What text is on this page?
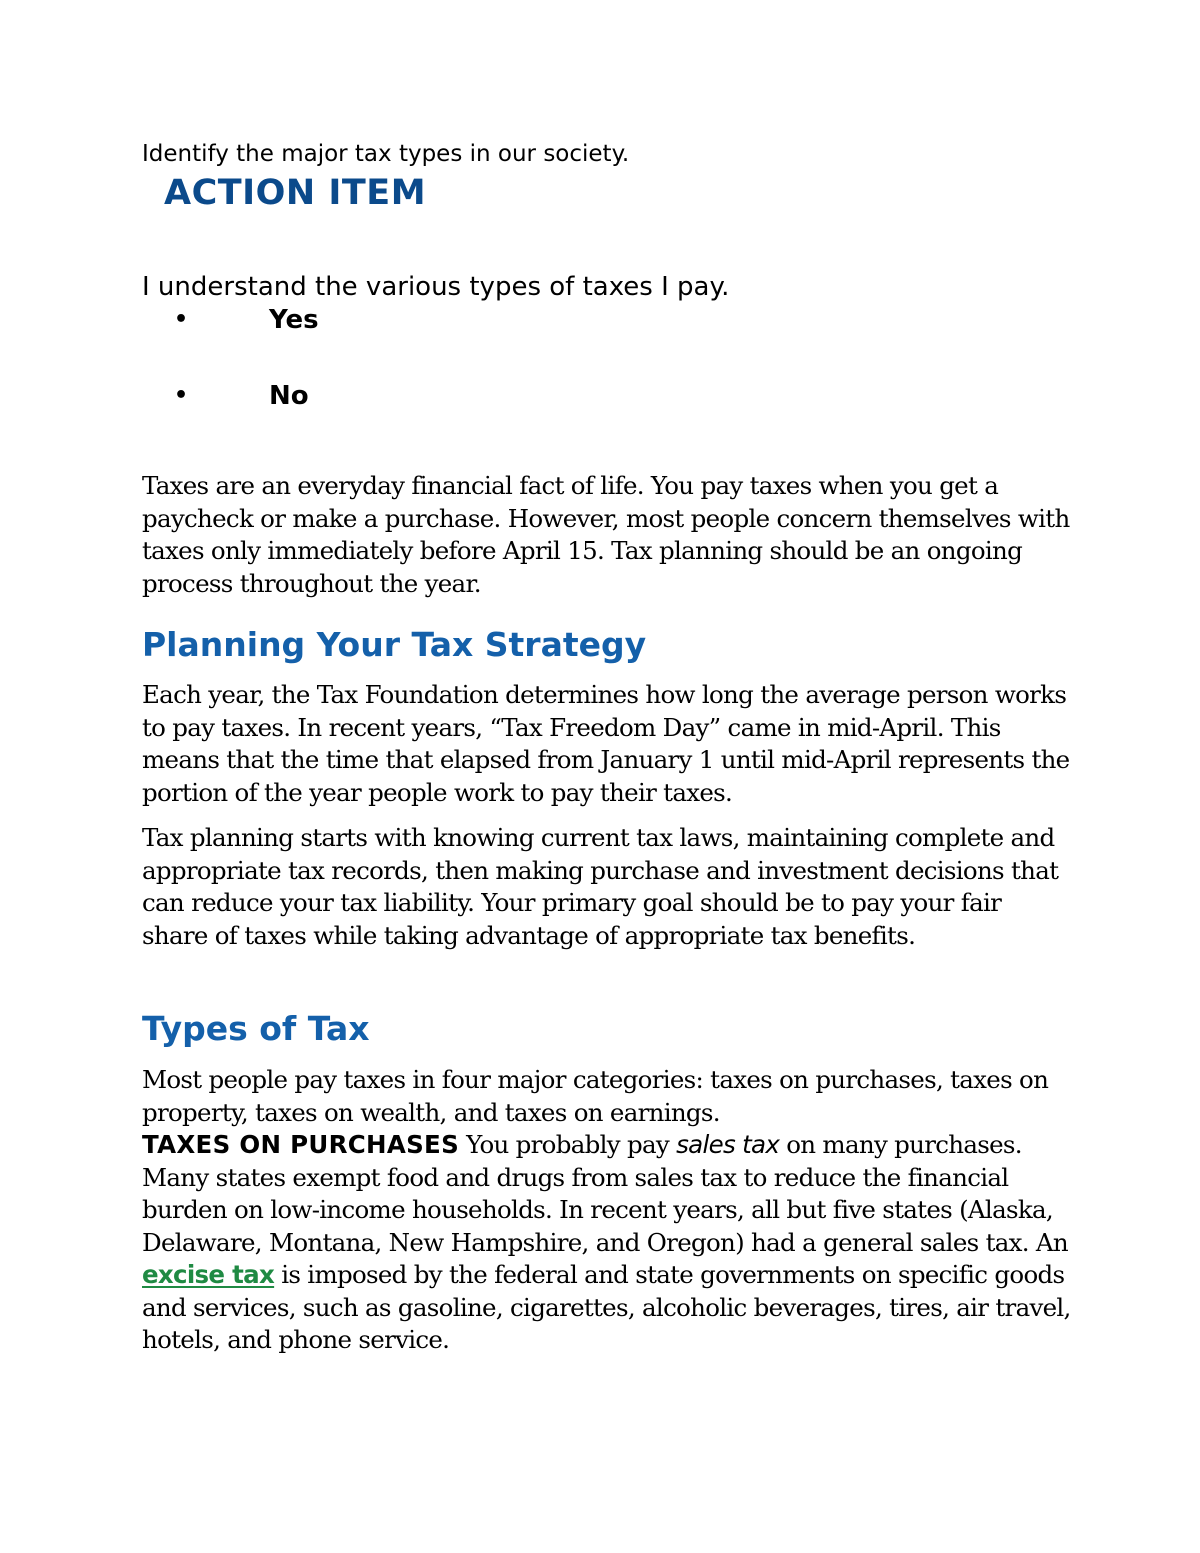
Identify the major tax types in our society.
ACTION ITEM
I understand the various types of taxes I pay.
•	Yes
•	No

Taxes are an everyday financial fact of life. You pay taxes when you get a paycheck or make a purchase. However, most people concern themselves with taxes only immediately before April 15. Tax planning should be an ongoing process throughout the year.

Planning Your Tax Strategy

Each year, the Tax Foundation determines how long the average person works to pay taxes. In recent years, “Tax Freedom Day” came in mid-April. This means that the time that elapsed from January 1 until mid-April represents the portion of the year people work to pay their taxes.

Tax planning starts with knowing current tax laws, maintaining complete and appropriate tax records, then making purchase and investment decisions that can reduce your tax liability. Your primary goal should be to pay your fair share of taxes while taking advantage of appropriate tax benefits.

Types of Tax
Most people pay taxes in four major categories: taxes on purchases, taxes on property, taxes on wealth, and taxes on earnings.
TAXES ON PURCHASES You probably pay sales tax on many purchases. Many states exempt food and drugs from sales tax to reduce the financial burden on low-income households. In recent years, all but five states (Alaska, Delaware, Montana, New Hampshire, and Oregon) had a general sales tax. An excise tax is imposed by the federal and state governments on specific goods and services, such as gasoline, cigarettes, alcoholic beverages, tires, air travel, hotels, and phone service.
